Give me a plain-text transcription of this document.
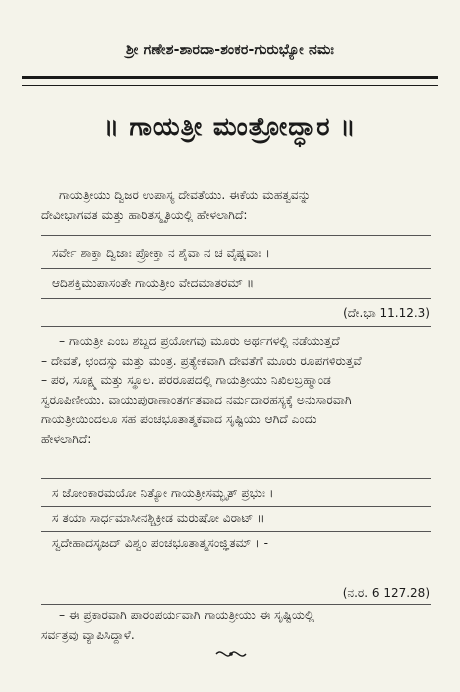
ಶ್ರೀ ಗಣೇಶ-ಶಾರದಾ-ಶಂಕರ-ಗುರುಭ್ಯೋ ನಮಃ
॥ ಗಾಯತ್ರೀ ಮಂತ್ರೋದ್ಧಾರ ॥
ಗಾಯತ್ರೀಯು ದ್ವಿಜರ ಉಪಾಸ್ಯ ದೇವತೆಯು. ಈಕೆಯ ಮಹತ್ವವನ್ನು
ದೇವೀಭಾಗವತ ಮತ್ತು ಹಾರಿತಸ್ಮೃತಿಯಲ್ಲಿ ಹೇಳಲಾಗಿದೆ:
ಸರ್ವೇ ಶಾಕ್ತಾ ದ್ವಿಜಾಃ ಪ್ರೋಕ್ತಾ ನ ಶೈವಾ ನ ಚ ವೈಷ್ಣವಾಃ ।
ಆದಿಶಕ್ತಿಮುಪಾಸಂತೇ ಗಾಯತ್ರೀಂ ವೇದಮಾತರಮ್ ॥
(ದೇ.ಭಾ 11.12.3)
– ಗಾಯತ್ರೀ ಎಂಬ ಶಬ್ದದ ಪ್ರಯೋಗವು ಮೂರು ಅರ್ಥಗಳಲ್ಲಿ ನಡೆಯುತ್ತದೆ
– ದೇವತೆ, ಛಂದಸ್ಸು ಮತ್ತು ಮಂತ್ರ. ಪ್ರತ್ಯೇಕವಾಗಿ ದೇವತೆಗೆ ಮೂರು ರೂಪಗಳಿರುತ್ತವೆ
– ಪರ, ಸೂಕ್ಷ್ಮ ಮತ್ತು ಸ್ಥೂಲ. ಪರರೂಪದಲ್ಲಿ ಗಾಯತ್ರೀಯು ನಿಖಿಲಬ್ರಹ್ಮಾಂಡ
ಸ್ವರೂಪಿಣೀಯು. ವಾಯುಪುರಾಣಾಂತರ್ಗತವಾದ ನರ್ಮದಾರಹಸ್ಯಕ್ಕೆ ಅನುಸಾರವಾಗಿ
ಗಾಯತ್ರೀಯಿಂದಲೂ ಸಹ ಪಂಚಭೂತಾತ್ಮಕವಾದ ಸೃಷ್ಟಿಯು ಆಗಿದೆ ಎಂದು
ಹೇಳಲಾಗಿದೆ:
ಸ ಜೋಂಕಾರಮಯೋ ನಿತ್ಯೋ ಗಾಯತ್ರೀಸಮ್ಭೃತ್ ಪ್ರಭುಃ ।
ಸ ತಯಾ ಸಾರ್ಧಮಾಸೀನಶ್ಚಿಕ್ರೀಡ ಮರುಷೋ ವಿರಾಟ್ ॥
ಸ್ವದೇಹಾದಸೃಜದ್ ವಿಶ್ವಂ ಪಂಚಭೂತಾತ್ಮಸಂಜ್ಞಿತಮ್ । -
(ನ.ರ. 6 127.28)
– ಈ ಪ್ರಕಾರವಾಗಿ ಪಾರಂಪರ್ಯವಾಗಿ ಗಾಯತ್ರೀಯು ಈ ಸೃಷ್ಟಿಯಲ್ಲಿ
ಸರ್ವತ್ರವು ವ್ಯಾಪಿಸಿದ್ದಾಳೆ.
